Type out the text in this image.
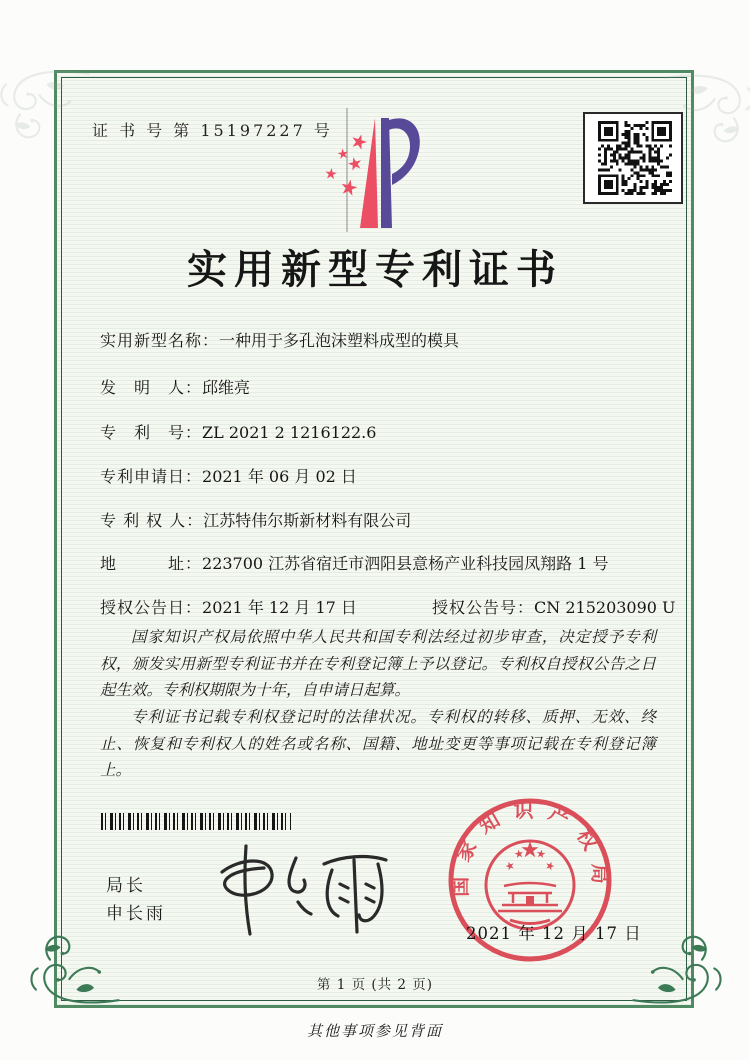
证 书 号 第 15197227 号
实用新型专利证书
实用新型名称：一种用于多孔泡沫塑料成型的模具
发　明　人：邱维亮
专　利　号：ZL 2021 2 1216122.6
专利申请日：2021 年 06 月 02 日
专 利 权 人：江苏特伟尔斯新材料有限公司
地　　　址：223700 江苏省宿迁市泗阳县意杨产业科技园凤翔路 1 号
授权公告日：2021 年 12 月 17 日	授权公告号：CN 215203090 U

国家知识产权局依照中华人民共和国专利法经过初步审查，决定授予专利权，颁发实用新型专利证书并在专利登记簿上予以登记。专利权自授权公告之日起生效。专利权期限为十年，自申请日起算。

专利证书记载专利权登记时的法律状况。专利权的转移、质押、无效、终止、恢复和专利权人的姓名或名称、国籍、地址变更等事项记载在专利登记簿上。

局长
申长雨
国家知识产权局
2021 年 12 月 17 日
第 1 页 (共 2 页)
其他事项参见背面
